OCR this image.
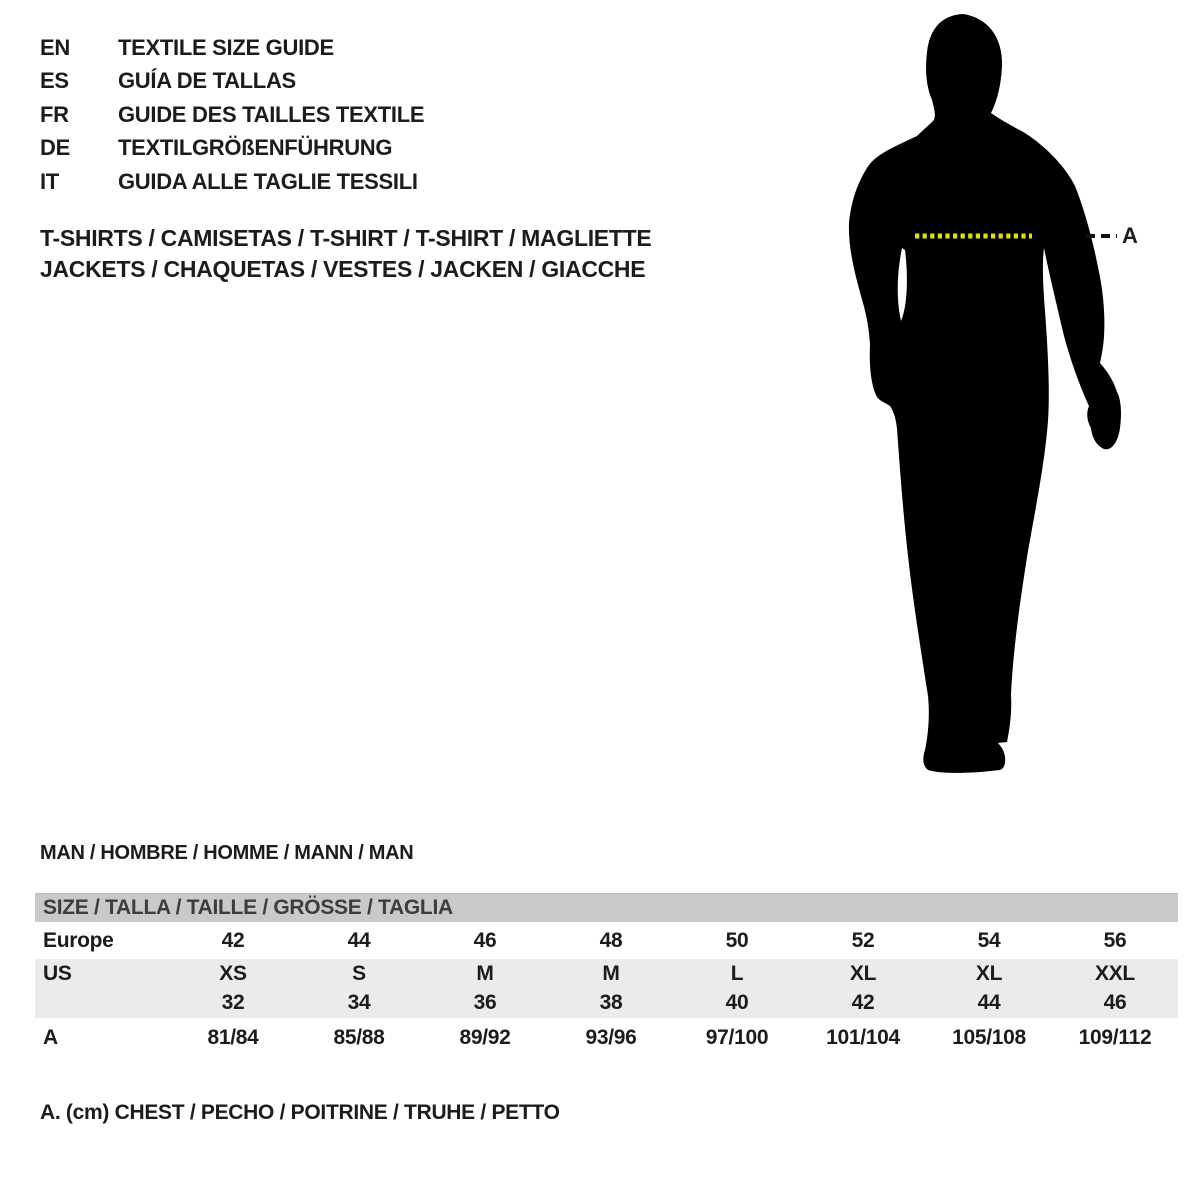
EN	TEXTILE SIZE GUIDE
ES	GUÍA DE TALLAS
FR	GUIDE DES TAILLES TEXTILE
DE	TEXTILGRÖßENFÜHRUNG
IT	GUIDA ALLE TAGLIE TESSILI
T-SHIRTS / CAMISETAS / T-SHIRT / T-SHIRT / MAGLIETTE
JACKETS / CHAQUETAS / VESTES / JACKEN / GIACCHE
A
MAN / HOMBRE / HOMME / MANN / MAN
SIZE / TALLA / TAILLE / GRÖSSE / TAGLIA
Europe	42	44	46	48	50	52	54	56
US	XS	S	M	M	L	XL	XL	XXL
32	34	36	38	40	42	44	46
A	81/84	85/88	89/92	93/96	97/100	101/104	105/108	109/112
A. (cm) CHEST / PECHO / POITRINE / TRUHE / PETTO
